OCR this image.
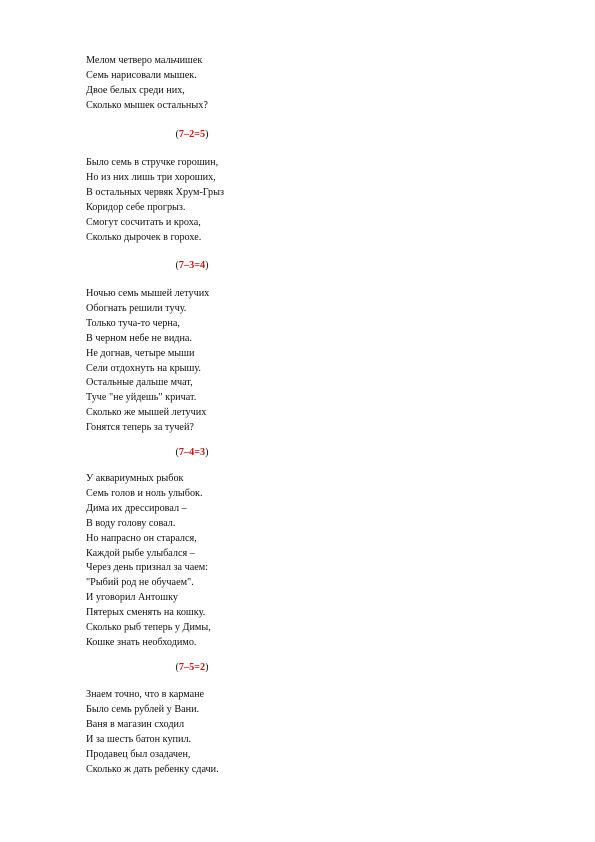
Мелом четверо мальчишек
Семь нарисовали мышек.
Двое белых среди них,
Сколько мышек остальных?
(7–2=5)
Было семь в стручке горошин,
Но из них лишь три хороших,
В остальных червяк Хрум-Грыз
Коридор себе прогрыз.
Смогут сосчитать и кроха,
Сколько дырочек в горохе.
(7–3=4)
Ночью семь мышей летучих
Обогнать решили тучу.
Только туча-то черна,
В черном небе не видна.
Не догнав, четыре мыши
Сели отдохнуть на крышу.
Остальные дальше мчат,
Туче "не уйдешь" кричат.
Сколько же мышей летучих
Гонятся теперь за тучей?
(7–4=3)
У аквариумных рыбок
Семь голов и ноль улыбок.
Дима их дрессировал –
В воду голову совал.
Но напрасно он старался,
Каждой рыбе улыбался –
Через день признал за чаем:
"Рыбий род не обучаем".
И уговорил Антошку
Пятерых сменять на кошку.
Сколько рыб теперь у Димы,
Кошке знать необходимо.
(7–5=2)
Знаем точно, что в кармане
Было семь рублей у Вани.
Ваня в магазин сходил
И за шесть батон купил.
Продавец был озадачен,
Сколько ж дать ребенку сдачи.
